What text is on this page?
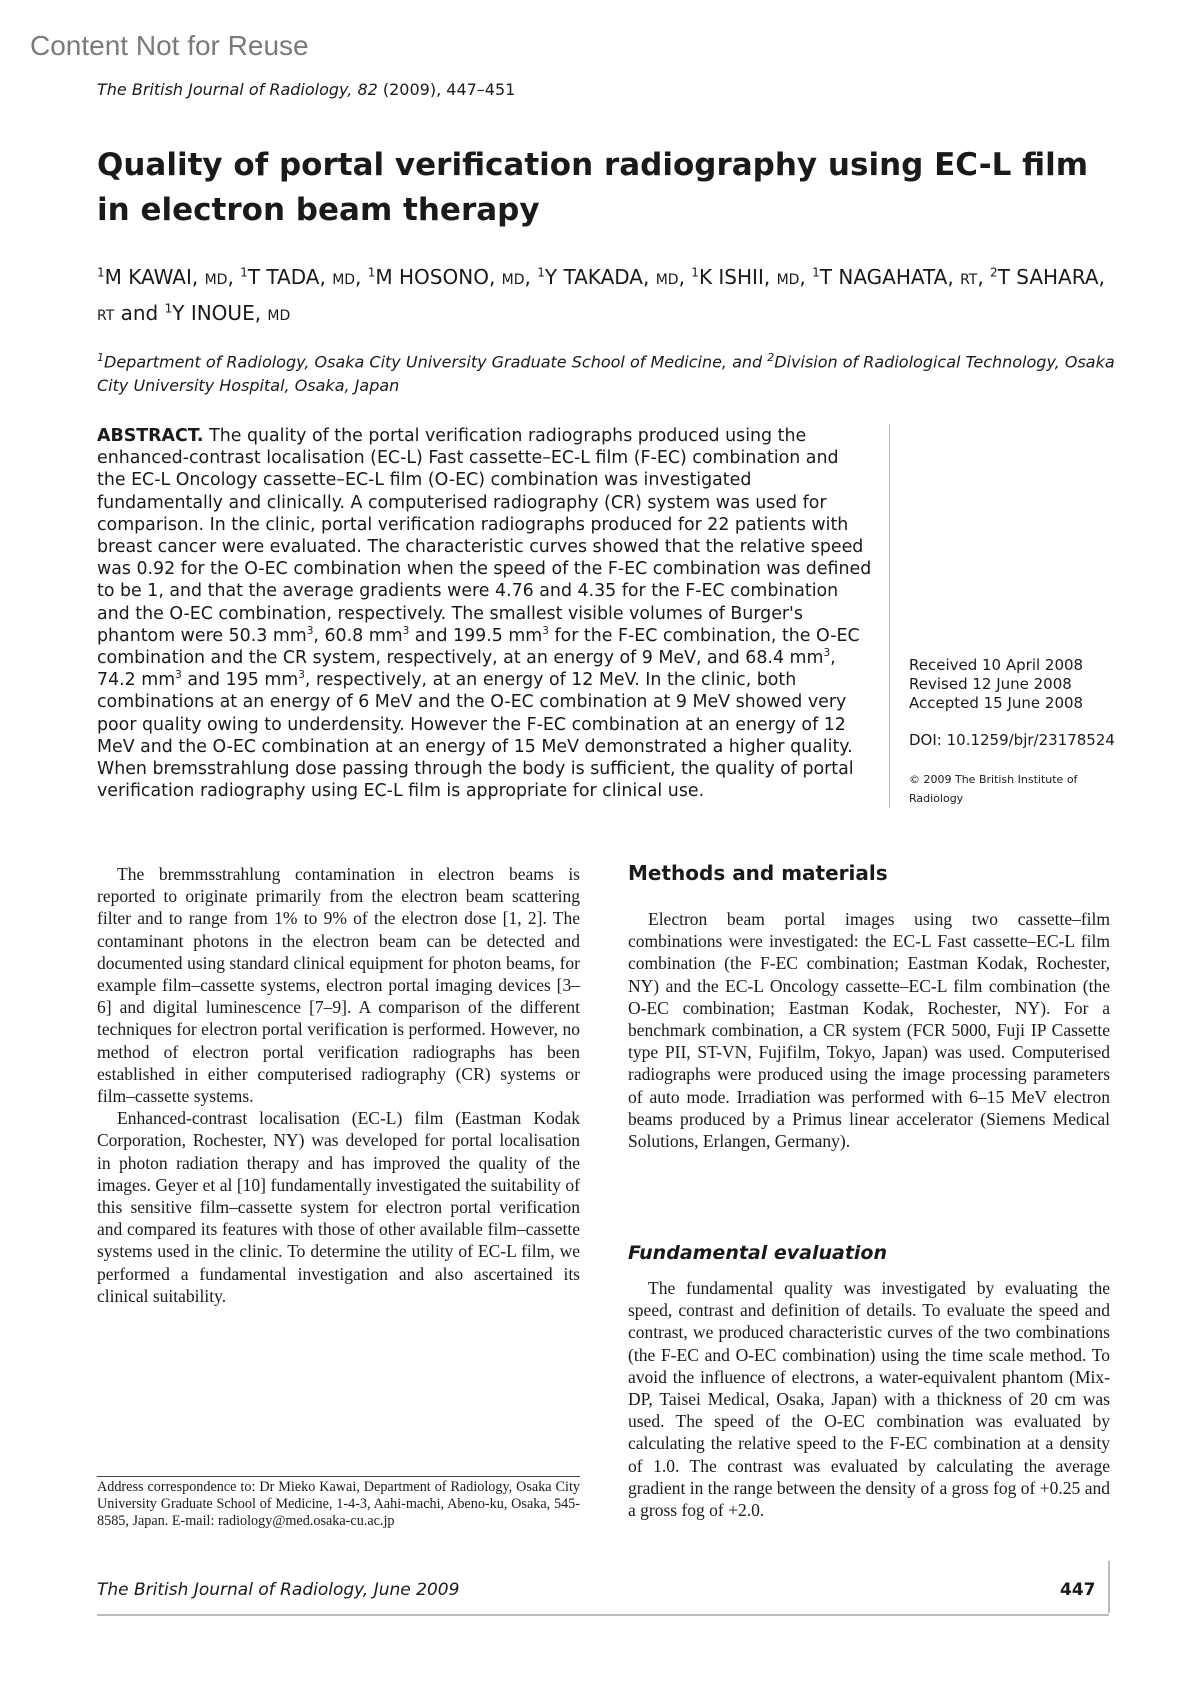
Content Not for Reuse
The British Journal of Radiology, 82 (2009), 447–451
Quality of portal verification radiography using EC-L film in electron beam therapy
$^1$M KAWAI, MD, $^1$T TADA, MD, $^1$M HOSONO, MD, $^1$Y TAKADA, MD, $^1$K ISHII, MD, $^1$T NAGAHATA, RT, $^2$T SAHARA, RT and $^1$Y INOUE, MD
$^1$Department of Radiology, Osaka City University Graduate School of Medicine, and $^2$Division of Radiological Technology, Osaka City University Hospital, Osaka, Japan

ABSTRACT. The quality of the portal verification radiographs produced using the enhanced-contrast localisation (EC-L) Fast cassette–EC-L film (F-EC) combination and the EC-L Oncology cassette–EC-L film (O-EC) combination was investigated fundamentally and clinically. A computerised radiography (CR) system was used for comparison. In the clinic, portal verification radiographs produced for 22 patients with breast cancer were evaluated. The characteristic curves showed that the relative speed was 0.92 for the O-EC combination when the speed of the F-EC combination was defined to be 1, and that the average gradients were 4.76 and 4.35 for the F-EC combination and the O-EC combination, respectively. The smallest visible volumes of Burger's phantom were 50.3 $mm^3$, 60.8 $mm^3$ and 199.5 $mm^3$ for the F-EC combination, the O-EC combination and the CR system, respectively, at an energy of 9 MeV, and 68.4 $mm^3$, 74.2 $mm^3$ and 195 $mm^3$, respectively, at an energy of 12 MeV. In the clinic, both combinations at an energy of 6 MeV and the O-EC combination at 9 MeV showed very poor quality owing to underdensity. However the F-EC combination at an energy of 12 MeV and the O-EC combination at an energy of 15 MeV demonstrated a higher quality. When bremsstrahlung dose passing through the body is sufficient, the quality of portal verification radiography using EC-L film is appropriate for clinical use.

Received 10 April 2008
Revised 12 June 2008
Accepted 15 June 2008
DOI: 10.1259/bjr/23178524
© 2009 The British Institute of
Radiology

The bremmsstrahlung contamination in electron beams is reported to originate primarily from the electron beam scattering filter and to range from 1% to 9% of the electron dose [1, 2]. The contaminant photons in the electron beam can be detected and documented using standard clinical equipment for photon beams, for example film–cassette systems, electron portal imaging devices [3–6] and digital luminescence [7–9]. A comparison of the different techniques for electron portal verification is performed. However, no method of electron portal verification radiographs has been established in either computerised radiography (CR) systems or film–cassette systems.

Enhanced-contrast localisation (EC-L) film (Eastman Kodak Corporation, Rochester, NY) was developed for portal localisation in photon radiation therapy and has improved the quality of the images. Geyer et al [10] fundamentally investigated the suitability of this sensitive film–cassette system for electron portal verification and compared its features with those of other available film–cassette systems used in the clinic. To determine the utility of EC-L film, we performed a fundamental investigation and also ascertained its clinical suitability.

Address correspondence to: Dr Mieko Kawai, Department of Radiology, Osaka City University Graduate School of Medicine, 1-4-3, Aahi-machi, Abeno-ku, Osaka, 545-8585, Japan. E-mail: radiology@med.osaka-cu.ac.jp
Methods and materials

Electron beam portal images using two cassette–film combinations were investigated: the EC-L Fast cassette–EC-L film combination (the F-EC combination; Eastman Kodak, Rochester, NY) and the EC-L Oncology cassette–EC-L film combination (the O-EC combination; Eastman Kodak, Rochester, NY). For a benchmark combination, a CR system (FCR 5000, Fuji IP Cassette type PII, ST-VN, Fujifilm, Tokyo, Japan) was used. Computerised radiographs were produced using the image processing parameters of auto mode. Irradiation was performed with 6–15 MeV electron beams produced by a Primus linear accelerator (Siemens Medical Solutions, Erlangen, Germany).

Fundamental evaluation

The fundamental quality was investigated by evaluating the speed, contrast and definition of details. To evaluate the speed and contrast, we produced characteristic curves of the two combinations (the F-EC and O-EC combination) using the time scale method. To avoid the influence of electrons, a water-equivalent phantom (Mix-DP, Taisei Medical, Osaka, Japan) with a thickness of 20 cm was used. The speed of the O-EC combination was evaluated by calculating the relative speed to the F-EC combination at a density of 1.0. The contrast was evaluated by calculating the average gradient in the range between the density of a gross fog of +0.25 and a gross fog of +2.0.

The British Journal of Radiology, June 2009	447
